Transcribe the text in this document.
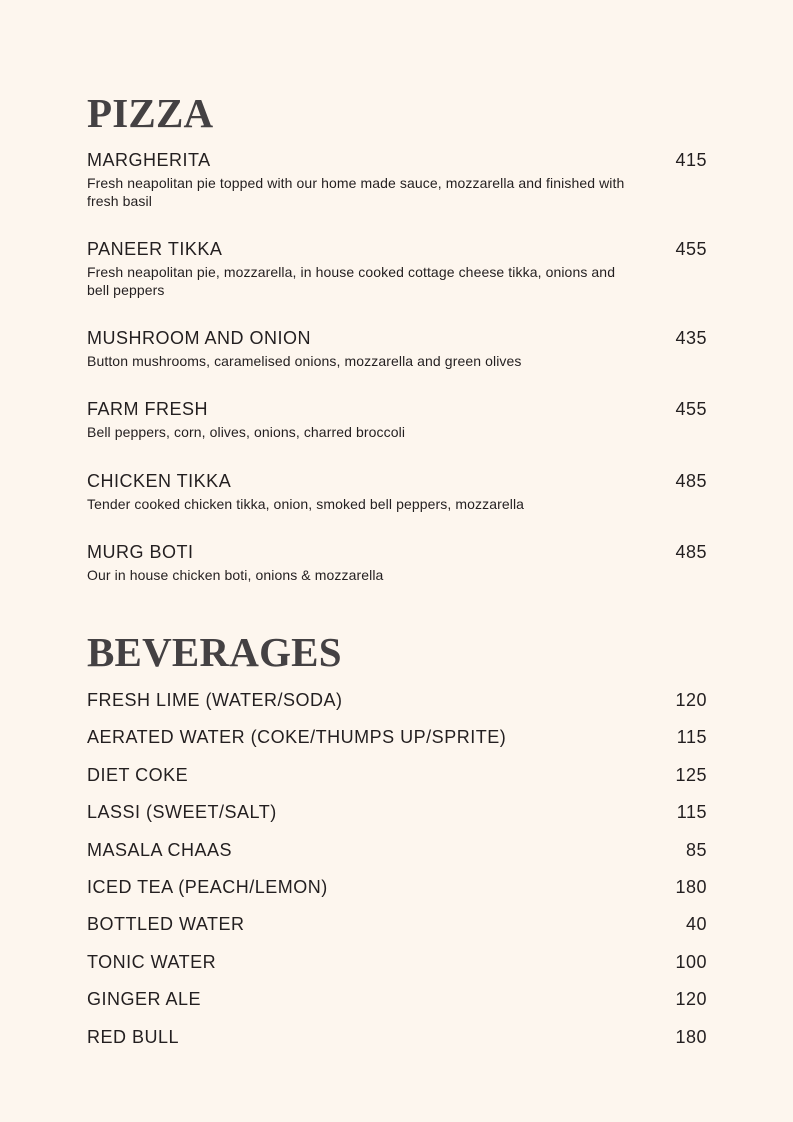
PIZZA
MARGHERITA	415
Fresh neapolitan pie topped with our home made sauce, mozzarella and finished with fresh basil
PANEER TIKKA	455
Fresh neapolitan pie, mozzarella, in house cooked cottage cheese tikka, onions and bell peppers
MUSHROOM AND ONION	435
Button mushrooms, caramelised onions, mozzarella and green olives
FARM FRESH	455
Bell peppers, corn, olives, onions, charred broccoli
CHICKEN TIKKA	485
Tender cooked chicken tikka, onion, smoked bell peppers, mozzarella
MURG BOTI	485
Our in house chicken boti, onions & mozzarella
BEVERAGES
FRESH LIME (WATER/SODA)	120
AERATED WATER (COKE/THUMPS UP/SPRITE)	115
DIET COKE	125
LASSI (SWEET/SALT)	115
MASALA CHAAS	85
ICED TEA (PEACH/LEMON)	180
BOTTLED WATER	40
TONIC WATER	100
GINGER ALE	120
RED BULL	180
